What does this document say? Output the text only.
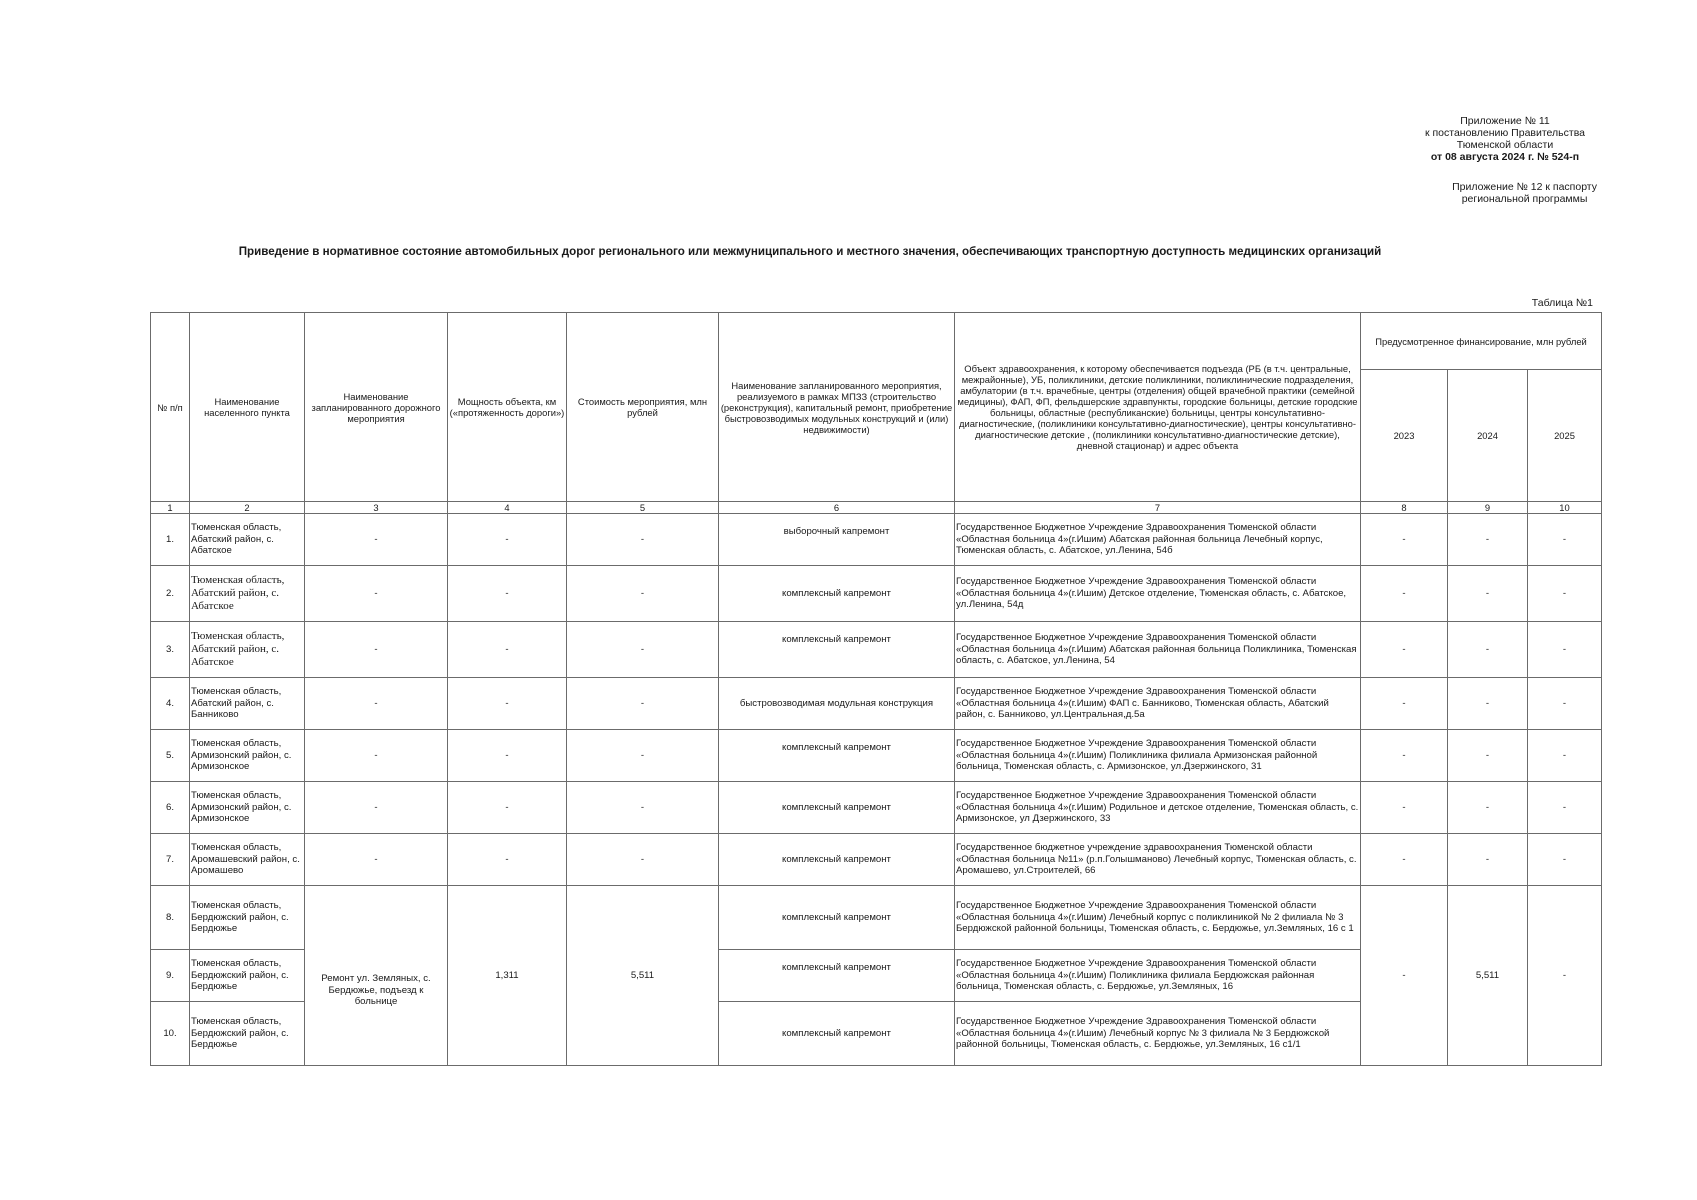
Приложение № 11
к постановлению Правительства
Тюменской области
от 08 августа 2024 г. № 524-п
Приложение № 12 к паспорту
региональной программы
Приведение в нормативное состояние автомобильных дорог регионального или межмуниципального и местного значения, обеспечивающих транспортную доступность медицинских организаций
Таблица №1
№ п/п	Наименование населенного пункта	Наименование запланированного дорожного мероприятия	Мощность объекта, км («протяженность дороги»)	Стоимость мероприятия, млн рублей	Наименование запланированного мероприятия, реализуемого в рамках МПЗЗ (строительство (реконструкция), капитальный ремонт, приобретение быстровозводимых модульных конструкций и (или) недвижимости)	Объект здравоохранения, к которому обеспечивается подъезда (РБ (в т.ч. центральные, межрайонные), УБ, поликлиники, детские поликлиники, поликлинические подразделения, амбулатории (в т.ч. врачебные, центры (отделения) общей врачебной практики (семейной медицины), ФАП, ФП, фельдшерские здравпункты, городские больницы, детские городские больницы, областные (республиканские) больницы, центры консультативно-диагностические, (поликлиники консультативно-диагностические), центры консультативно-диагностические детские , (поликлиники консультативно-диагностические детские), дневной стационар) и адрес объекта	Предусмотренное финансирование, млн рублей		
							2023	2024	2025
1	2	3	4	5	6	7	8	9	10
1.	Тюменская область, Абатский район, с. Абатское	-	-	-	выборочный капремонт	Государственное Бюджетное Учреждение Здравоохранения Тюменской области «Областная больница 4»(г.Ишим) Абатская районная больница Лечебный корпус, Тюменская область, с. Абатское, ул.Ленина, 54б	-	-	-
2.	Тюменская область, Абатский район, с. Абатское	-	-	-	комплексный капремонт	Государственное Бюджетное Учреждение Здравоохранения Тюменской области «Областная больница 4»(г.Ишим) Детское отделение, Тюменская область, с. Абатское, ул.Ленина, 54д	-	-	-
3.	Тюменская область, Абатский район, с. Абатское	-	-	-	комплексный капремонт	Государственное Бюджетное Учреждение Здравоохранения Тюменской области «Областная больница 4»(г.Ишим) Абатская районная больница Поликлиника, Тюменская область, с. Абатское, ул.Ленина, 54	-	-	-
4.	Тюменская область, Абатский район, с. Банниково	-	-	-	быстровозводимая модульная конструкция	Государственное Бюджетное Учреждение Здравоохранения Тюменской области «Областная больница 4»(г.Ишим) ФАП с. Банниково, Тюменская область, Абатский район, с. Банниково, ул.Центральная,д.5а	-	-	-
5.	Тюменская область, Армизонский район, с. Армизонское	-	-	-	комплексный капремонт	Государственное Бюджетное Учреждение Здравоохранения Тюменской области «Областная больница 4»(г.Ишим) Поликлиника филиала Армизонская районной больница, Тюменская область, с. Армизонское, ул.Дзержинского, 31	-	-	-
6.	Тюменская область, Армизонский район, с. Армизонское	-	-	-	комплексный капремонт	Государственное Бюджетное Учреждение Здравоохранения Тюменской области «Областная больница 4»(г.Ишим) Родильное и детское отделение, Тюменская область, с. Армизонское, ул Дзержинского, 33	-	-	-
7.	Тюменская область, Аромашевский район, с. Аромашево	-	-	-	комплексный капремонт	Государственное бюджетное учреждение здравоохранения Тюменской области «Областная больница №11» (р.п.Голышманово) Лечебный корпус, Тюменская область, с. Аромашево, ул.Строителей, 66	-	-	-
8.	Тюменская область, Бердюжский район, с. Бердюжье	Ремонт ул. Земляных, с. Бердюжье, подъезд к больнице	1,311	5,511	комплексный капремонт	Государственное Бюджетное Учреждение Здравоохранения Тюменской области «Областная больница 4»(г.Ишим) Лечебный корпус с поликлиникой № 2 филиала № 3 Бердюжской районной больницы, Тюменская область, с. Бердюжье, ул.Земляных, 16 с 1	-	5,511	-
9.	Тюменская область, Бердюжский район, с. Бердюжье				комплексный капремонт	Государственное Бюджетное Учреждение Здравоохранения Тюменской области «Областная больница 4»(г.Ишим) Поликлиника филиала Бердюжская районная больница, Тюменская область, с. Бердюжье, ул.Земляных, 16			
10.	Тюменская область, Бердюжский район, с. Бердюжье				комплексный капремонт	Государственное Бюджетное Учреждение Здравоохранения Тюменской области «Областная больница 4»(г.Ишим) Лечебный корпус № 3 филиала № 3 Бердюжской районной больницы, Тюменская область, с. Бердюжье, ул.Земляных, 16 с1/1			
